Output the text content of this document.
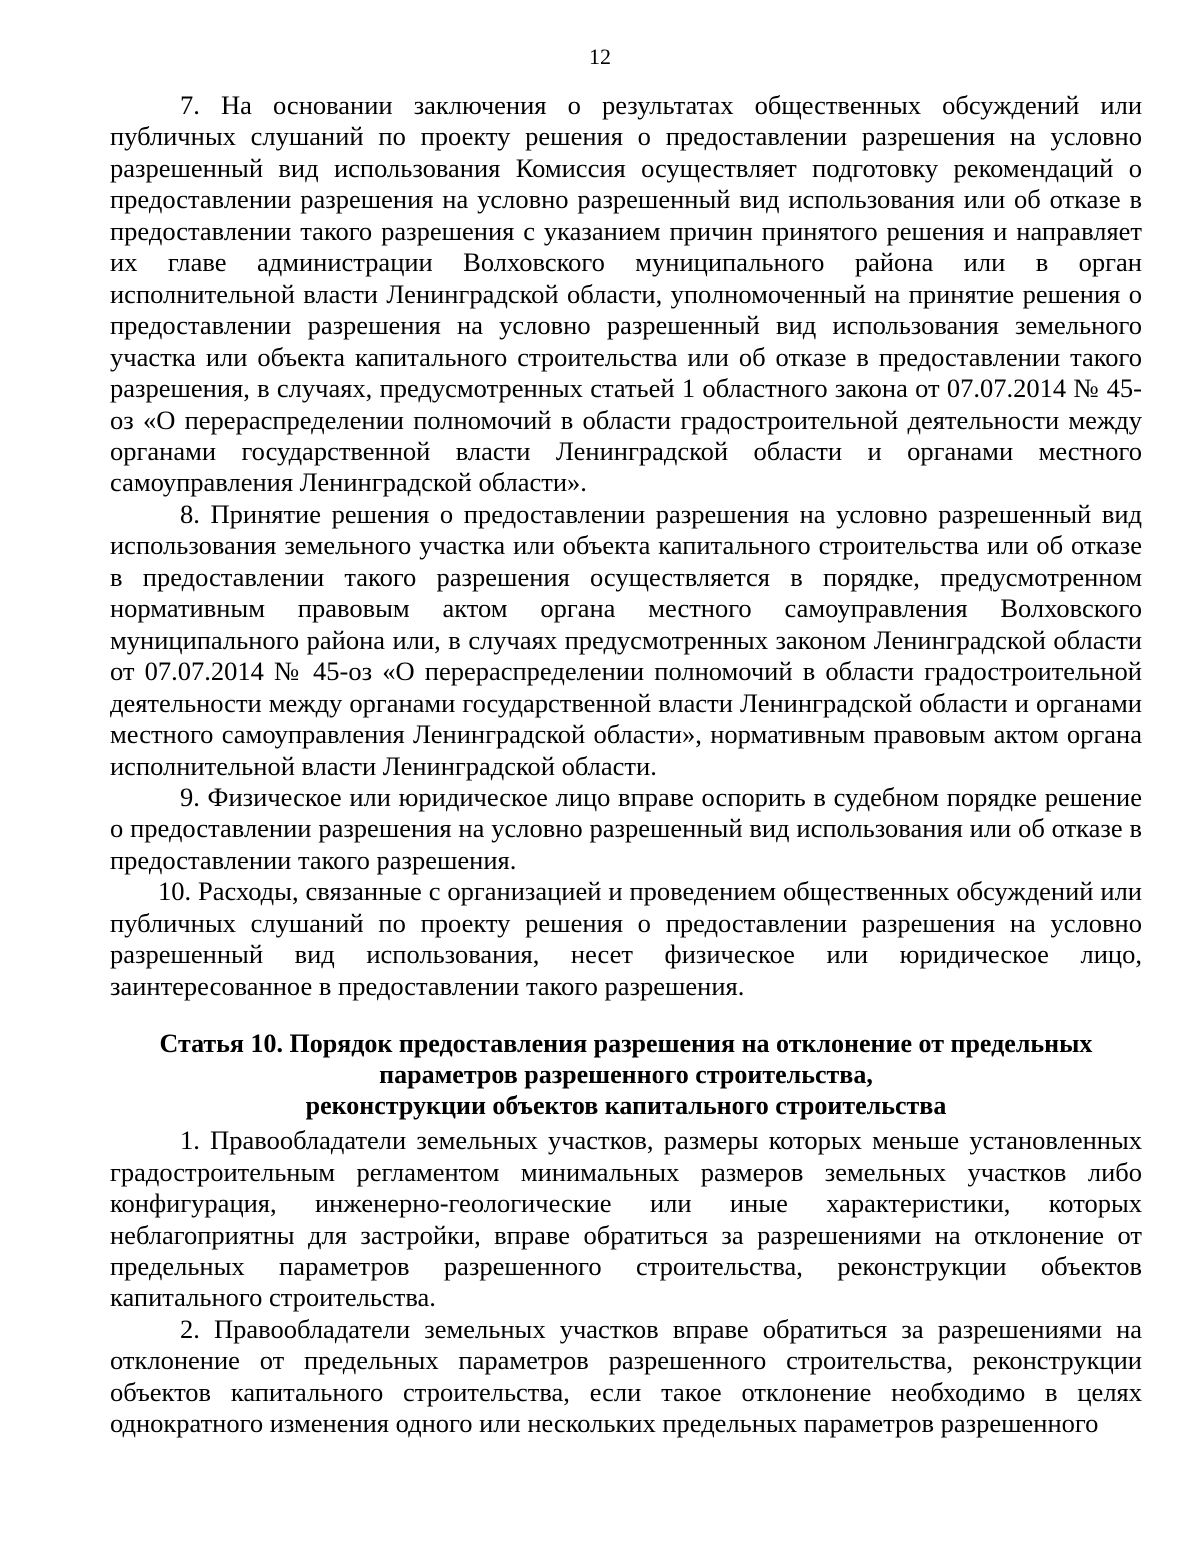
12

7. На основании заключения о результатах общественных обсуждений или публичных слушаний по проекту решения о предоставлении разрешения на условно разрешенный вид использования Комиссия осуществляет подготовку рекомендаций о предоставлении разрешения на условно разрешенный вид использования или об отказе в предоставлении такого разрешения с указанием причин принятого решения и направляет их главе администрации Волховского муниципального района или в орган исполнительной власти Ленинградской области, уполномоченный на принятие решения о предоставлении разрешения на условно разрешенный вид использования земельного участка или объекта капитального строительства или об отказе в предоставлении такого разрешения, в случаях, предусмотренных статьей 1 областного закона от 07.07.2014 № 45-оз «О перераспределении полномочий в области градостроительной деятельности между органами государственной власти Ленинградской области и органами местного самоуправления Ленинградской области».

8. Принятие решения о предоставлении разрешения на условно разрешенный вид использования земельного участка или объекта капитального строительства или об отказе в предоставлении такого разрешения осуществляется в порядке, предусмотренном нормативным правовым актом органа местного самоуправления Волховского муниципального района или, в случаях предусмотренных законом Ленинградской области от 07.07.2014 № 45-оз «О перераспределении полномочий в области градостроительной деятельности между органами государственной власти Ленинградской области и органами местного самоуправления Ленинградской области», нормативным правовым актом органа исполнительной власти Ленинградской области.

9. Физическое или юридическое лицо вправе оспорить в судебном порядке решение о предоставлении разрешения на условно разрешенный вид использования или об отказе в предоставлении такого разрешения.

10. Расходы, связанные с организацией и проведением общественных обсуждений или публичных слушаний по проекту решения о предоставлении разрешения на условно разрешенный вид использования, несет физическое или юридическое лицо, заинтересованное в предоставлении такого разрешения.

Статья 10. Порядок предоставления разрешения на отклонение от предельных
параметров разрешенного строительства,
реконструкции объектов капитального строительства

1. Правообладатели земельных участков, размеры которых меньше установленных градостроительным регламентом минимальных размеров земельных участков либо конфигурация, инженерно-геологические или иные характеристики, которых неблагоприятны для застройки, вправе обратиться за разрешениями на отклонение от предельных параметров разрешенного строительства, реконструкции объектов капитального строительства.

2. Правообладатели земельных участков вправе обратиться за разрешениями на отклонение от предельных параметров разрешенного строительства, реконструкции объектов капитального строительства, если такое отклонение необходимо в целях однократного изменения одного или нескольких предельных параметров разрешенного
